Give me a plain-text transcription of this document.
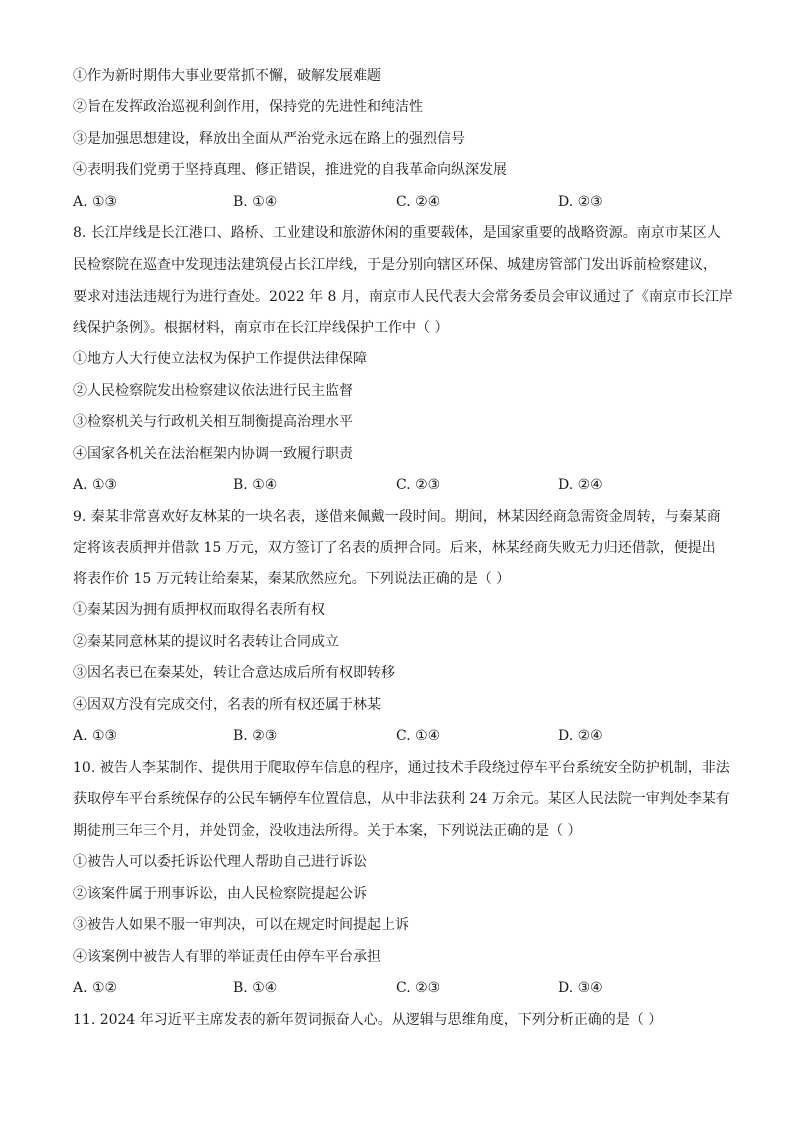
①作为新时期伟大事业要常抓不懈，破解发展难题
②旨在发挥政治巡视利剑作用，保持党的先进性和纯洁性
③是加强思想建设，释放出全面从严治党永远在路上的强烈信号
④表明我们党勇于坚持真理、修正错误，推进党的自我革命向纵深发展
A. ①③	B. ①④	C. ②④	D. ②③
8. 长江岸线是长江港口、路桥、工业建设和旅游休闲的重要载体，是国家重要的战略资源。南京市某区人
民检察院在巡查中发现违法建筑侵占长江岸线，于是分别向辖区环保、城建房管部门发出诉前检察建议，
要求对违法违规行为进行查处。2022 年 8 月，南京市人民代表大会常务委员会审议通过了《南京市长江岸
线保护条例》。根据材料，南京市在长江岸线保护工作中（ ）
①地方人大行使立法权为保护工作提供法律保障
②人民检察院发出检察建议依法进行民主监督
③检察机关与行政机关相互制衡提高治理水平
④国家各机关在法治框架内协调一致履行职责
A. ①③	B. ①④	C. ②③	D. ②④
9. 秦某非常喜欢好友林某的一块名表，遂借来佩戴一段时间。期间，林某因经商急需资金周转，与秦某商
定将该表质押并借款 15 万元，双方签订了名表的质押合同。后来，林某经商失败无力归还借款，便提出
将表作价 15 万元转让给秦某，秦某欣然应允。下列说法正确的是（ ）
①秦某因为拥有质押权而取得名表所有权
②秦某同意林某的提议时名表转让合同成立
③因名表已在秦某处，转让合意达成后所有权即转移
④因双方没有完成交付，名表的所有权还属于林某
A. ①③	B. ②③	C. ①④	D. ②④
10. 被告人李某制作、提供用于爬取停车信息的程序，通过技术手段绕过停车平台系统安全防护机制，非法
获取停车平台系统保存的公民车辆停车位置信息，从中非法获利 24 万余元。某区人民法院一审判处李某有
期徒刑三年三个月，并处罚金，没收违法所得。关于本案，下列说法正确的是（ ）
①被告人可以委托诉讼代理人帮助自己进行诉讼
②该案件属于刑事诉讼，由人民检察院提起公诉
③被告人如果不服一审判决，可以在规定时间提起上诉
④该案例中被告人有罪的举证责任由停车平台承担
A. ①②	B. ①④	C. ②③	D. ③④
11. 2024 年习近平主席发表的新年贺词振奋人心。从逻辑与思维角度，下列分析正确的是（ ）
